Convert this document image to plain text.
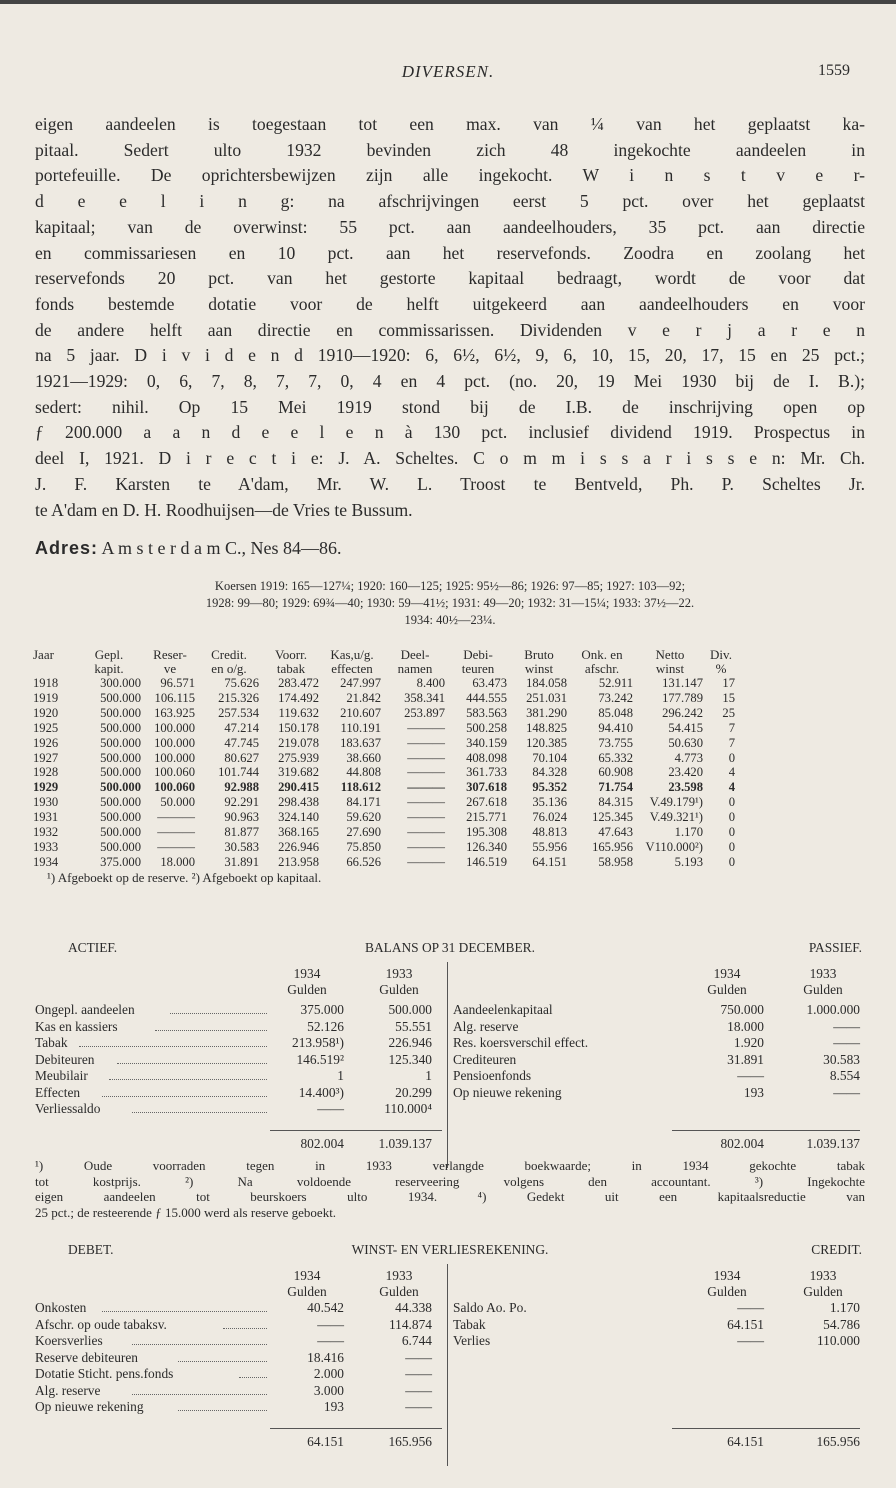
DIVERSEN.	1559
eigen aandeelen is toegestaan tot een max. van ¼ van het geplaatst ka-
pitaal. Sedert ulto 1932 bevinden zich 48 ingekochte aandeelen in
portefeuille. De oprichtersbewijzen zijn alle ingekocht. W i n s t v e r-
d e e l i n g: na afschrijvingen eerst 5 pct. over het geplaatst
kapitaal; van de overwinst: 55 pct. aan aandeelhouders, 35 pct. aan directie
en commissariesen en 10 pct. aan het reservefonds. Zoodra en zoolang het
reservefonds 20 pct. van het gestorte kapitaal bedraagt, wordt de voor dat
fonds bestemde dotatie voor de helft uitgekeerd aan aandeelhouders en voor
de andere helft aan directie en commissarissen. Dividenden v e r j a r e n
na 5 jaar. D i v i d e n d 1910—1920: 6, 6½, 6½, 9, 6, 10, 15, 20, 17, 15 en 25 pct.;
1921—1929: 0, 6, 7, 8, 7, 7, 0, 4 en 4 pct. (no. 20, 19 Mei 1930 bij de I. B.);
sedert: nihil. Op 15 Mei 1919 stond bij de I.B. de inschrijving open op
ƒ 200.000 a a n d e e l e n à 130 pct. inclusief dividend 1919. Prospectus in
deel I, 1921. D i r e c t i e: J. A. Scheltes. C o m m i s s a r i s s e n: Mr. Ch.
J. F. Karsten te A'dam, Mr. W. L. Troost te Bentveld, Ph. P. Scheltes Jr.
te A'dam en D. H. Roodhuijsen—de Vries te Bussum.
Adres: A m s t e r d a m C., Nes 84—86.
Koersen 1919: 165—127¼; 1920: 160—125; 1925: 95½—86; 1926: 97—85; 1927: 103—92;
1928: 99—80; 1929: 69¾—40; 1930: 59—41½; 1931: 49—20; 1932: 31—15¼; 1933: 37½—22.
1934: 40½—23¼.
Jaar	Gepl.	Reser-	Credit.	Voorr.	Kas,u/g.	Deel-	Debi-	Bruto	Onk. en	Netto	Div.
	kapit.	ve	en o/g.	tabak	effecten	namen	teuren	winst	afschr.	winst	%
1918	300.000	96.571	75.626	283.472	247.997	8.400	63.473	184.058	52.911	131.147	17
1919	500.000	106.115	215.326	174.492	21.842	358.341	444.555	251.031	73.242	177.789	15
1920	500.000	163.925	257.534	119.632	210.607	253.897	583.563	381.290	85.048	296.242	25
1925	500.000	100.000	47.214	150.178	110.191	———	500.258	148.825	94.410	54.415	7
1926	500.000	100.000	47.745	219.078	183.637	———	340.159	120.385	73.755	50.630	7
1927	500.000	100.000	80.627	275.939	38.660	———	408.098	70.104	65.332	4.773	0
1928	500.000	100.060	101.744	319.682	44.808	———	361.733	84.328	60.908	23.420	4
1929	500.000	100.060	92.988	290.415	118.612	———	307.618	95.352	71.754	23.598	4
1930	500.000	50.000	92.291	298.438	84.171	———	267.618	35.136	84.315	V.49.179¹)	0
1931	500.000	———	90.963	324.140	59.620	———	215.771	76.024	125.345	V.49.321¹)	0
1932	500.000	———	81.877	368.165	27.690	———	195.308	48.813	47.643	1.170	0
1933	500.000	———	30.583	226.946	75.850	———	126.340	55.956	165.956	V110.000²)	0
1934	375.000	18.000	31.891	213.958	66.526	———	146.519	64.151	58.958	5.193	0
¹) Afgeboekt op de reserve. ²) Afgeboekt op kapitaal.
ACTIEF.	BALANS OP 31 DECEMBER.	PASSIEF.
1934
Gulden
1933
Gulden
1934
Gulden
1933
Gulden
Ongepl. aandeelen	375.000	500.000
Kas en kassiers	52.126	55.551
Tabak	213.958¹)	226.946
Debiteuren	146.519²	125.340
Meubilair	1	1
Effecten	14.400³)	20.299
Verliessaldo	——	110.000⁴
Aandeelenkapitaal	750.000	1.000.000
Alg. reserve	18.000	——
Res. koersverschil effect.	1.920	——
Crediteuren	31.891	30.583
Pensioenfonds	——	8.554
Op nieuwe rekening	193	——
802.004	1.039.137	802.004	1.039.137
¹) Oude voorraden tegen in 1933 verlangde boekwaarde; in 1934 gekochte tabak
tot kostprijs. ²) Na voldoende reserveering volgens den accountant. ³) Ingekochte
eigen aandeelen tot beurskoers ulto 1934. ⁴) Gedekt uit een kapitaalsreductie van
25 pct.; de resteerende ƒ 15.000 werd als reserve geboekt.
DEBET.	WINST- EN VERLIESREKENING.	CREDIT.
1934
Gulden
1933
Gulden
1934
Gulden
1933
Gulden
Onkosten	40.542	44.338
Afschr. op oude tabaksv.	——	114.874
Koersverlies	——	6.744
Reserve debiteuren	18.416	——
Dotatie Sticht. pens.fonds	2.000	——
Alg. reserve	3.000	——
Op nieuwe rekening	193	——
Saldo Ao. Po.	——	1.170
Tabak	64.151	54.786
Verlies	——	110.000
64.151	165.956	64.151	165.956
